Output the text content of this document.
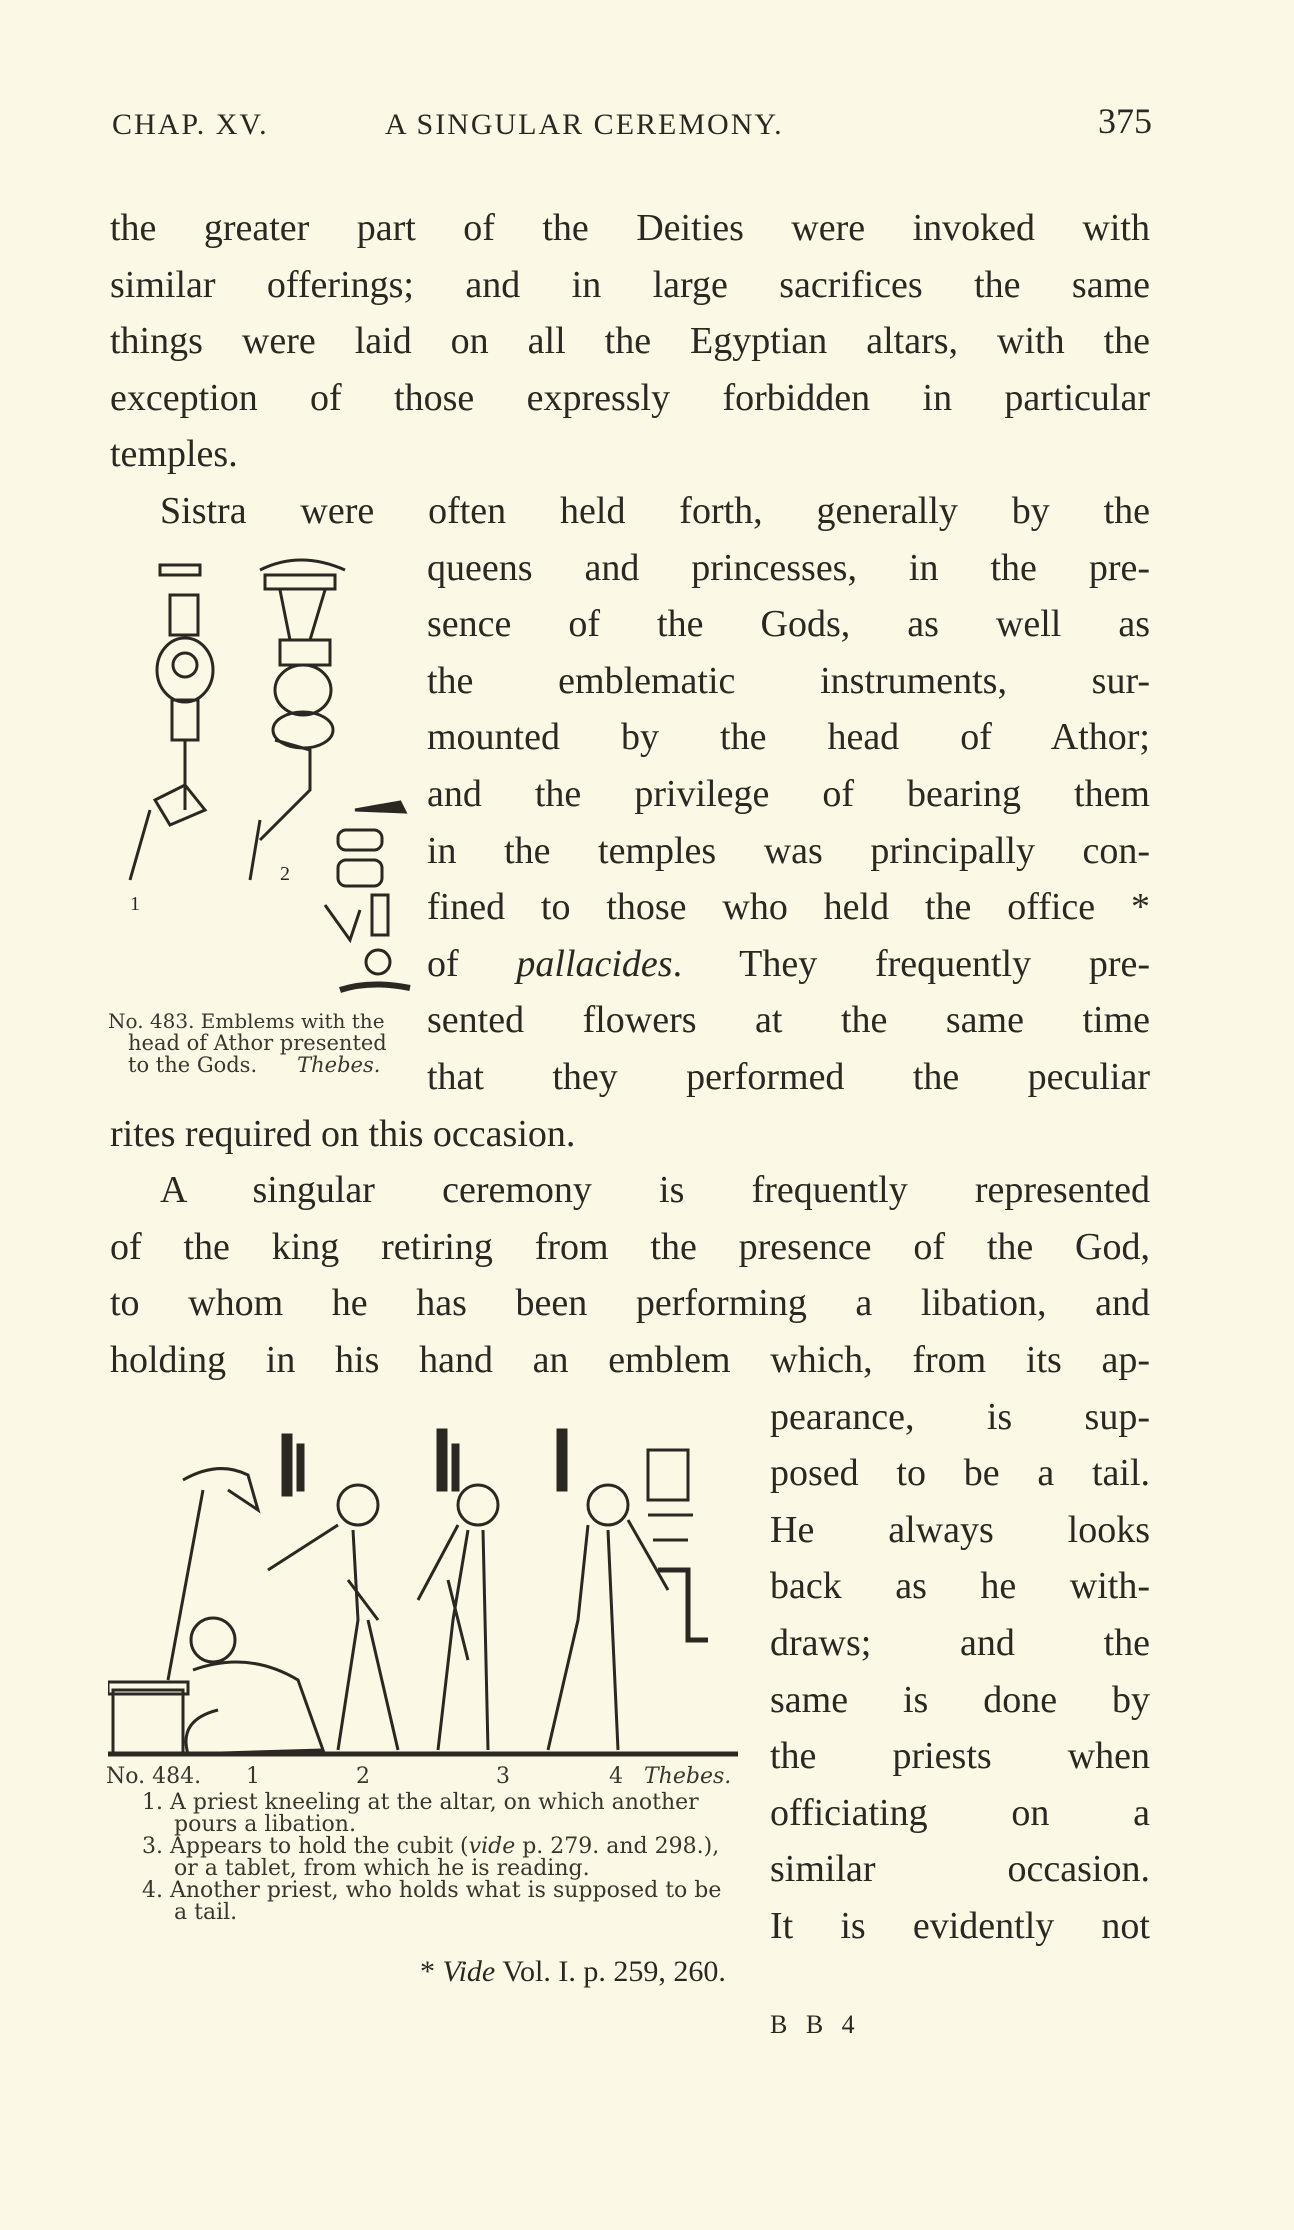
CHAP. XV.	A SINGULAR CEREMONY.	375
the greater part of the Deities were invoked with
similar offerings; and in large sacrifices the same
things were laid on all the Egyptian altars, with the
exception of those expressly forbidden in particular
temples.
Sistra were often held forth, generally by the
queens and princesses, in the pre-
sence of the Gods, as well as
the emblematic instruments, sur-
mounted by the head of Athor;
and the privilege of bearing them
in the temples was principally con-
fined to those who held the office *
of pallacides. They frequently pre-
sented flowers at the same time
that they performed the peculiar
rites required on this occasion.
A singular ceremony is frequently represented
of the king retiring from the presence of the God,
to whom he has been performing a libation, and
holding in his hand an emblem which, from its ap-
pearance, is sup-
posed to be a tail.
He always looks
back as he with-
draws; and the
same is done by
the priests when
officiating on a
similar occasion.
It is evidently not
1
2
No. 483. Emblems with the
head of Athor presented
to the Gods. Thebes.
No. 484. 1	2	3	4 Thebes.
1. A priest kneeling at the altar, on which another
pours a libation.
3. Appears to hold the cubit (vide p. 279. and 298.),
or a tablet, from which he is reading.
4. Another priest, who holds what is supposed to be
a tail.
* Vide Vol. I. p. 259, 260.
B B 4
